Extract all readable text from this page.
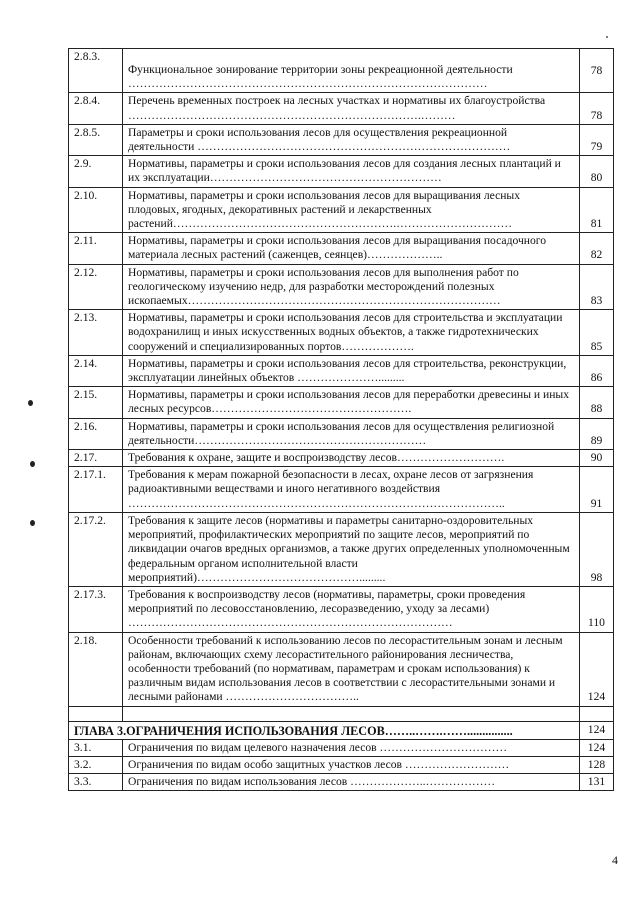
2.8.3.	Функциональное зонирование территории зоны рекреационной деятельности …………………………………………………………………………………	78
2.8.4.	Перечень временных построек на лесных участках и нормативы их благоустройства ………………………………………………………………….………	78
2.8.5.	Параметры и сроки использования лесов для осуществления рекреационной деятельности ………………………………………………………………………	79
2.9.	Нормативы, параметры и сроки использования лесов для создания лесных плантаций и их эксплуатации……………………………………………………	80
2.10.	Нормативы, параметры и сроки использования лесов для выращивания лесных плодовых, ягодных, декоративных растений и лекарственных растений………………………………………………….…………………………	81
2.11.	Нормативы, параметры и сроки использования лесов для выращивания посадочного материала лесных растений (саженцев, сеянцев)………………..	82
2.12.	Нормативы, параметры и сроки использования лесов для выполнения работ по геологическому изучению недр, для разработки месторождений полезных ископаемых………………………………………………………………………	83
2.13.	Нормативы, параметры и сроки использования лесов для строительства и эксплуатации водохранилищ и иных искусственных водных объектов, а также гидротехнических сооружений и специализированных портов……………….	85
2.14.	Нормативы, параметры и сроки использования лесов для строительства, реконструкции, эксплуатации линейных объектов ………………….........	86
2.15.	Нормативы, параметры и сроки использования лесов для переработки древесины и иных лесных ресурсов…………………………………………….	88
2.16.	Нормативы, параметры и сроки использования лесов для осуществления религиозной деятельности……………………………………………………	89
2.17.	Требования к охране, защите и воспроизводству лесов……………………….	90
2.17.1.	Требования к мерам пожарной безопасности в лесах, охране лесов от загрязнения радиоактивными веществами и иного негативного воздействия ……………………………………………………………………………………..	91
2.17.2.	Требования к защите лесов (нормативы и параметры санитарно-оздоровительных мероприятий, профилактических мероприятий по защите лесов, мероприятий по ликвидации очагов вредных организмов, а также других определенных уполномоченным федеральным органом исполнительной власти мероприятий)…………………………………….........	98
2.17.3.	Требования к воспроизводству лесов (нормативы, параметры, сроки проведения мероприятий по лесовосстановлению, лесоразведению, уходу за лесами) …………………………………………………………………………	110
2.18.	Особенности требований к использованию лесов по лесорастительным зонам и лесным районам, включающих схему лесорастительного районирования лесничества, особенности требований (по нормативам, параметрам и срокам использования) к различным видам использования лесов в соответствии с лесорастительными зонами и лесными районами ……………………………..	124

ГЛАВА 3.ОГРАНИЧЕНИЯ ИСПОЛЬЗОВАНИЯ ЛЕСОВ……..…….……...............		124
3.1.	Ограничения по видам целевого назначения лесов ……………………………	124
3.2.	Ограничения по видам особо защитных участков лесов ………………………	128
3.3.	Ограничения по видам использования лесов ………………..………………	131
4
